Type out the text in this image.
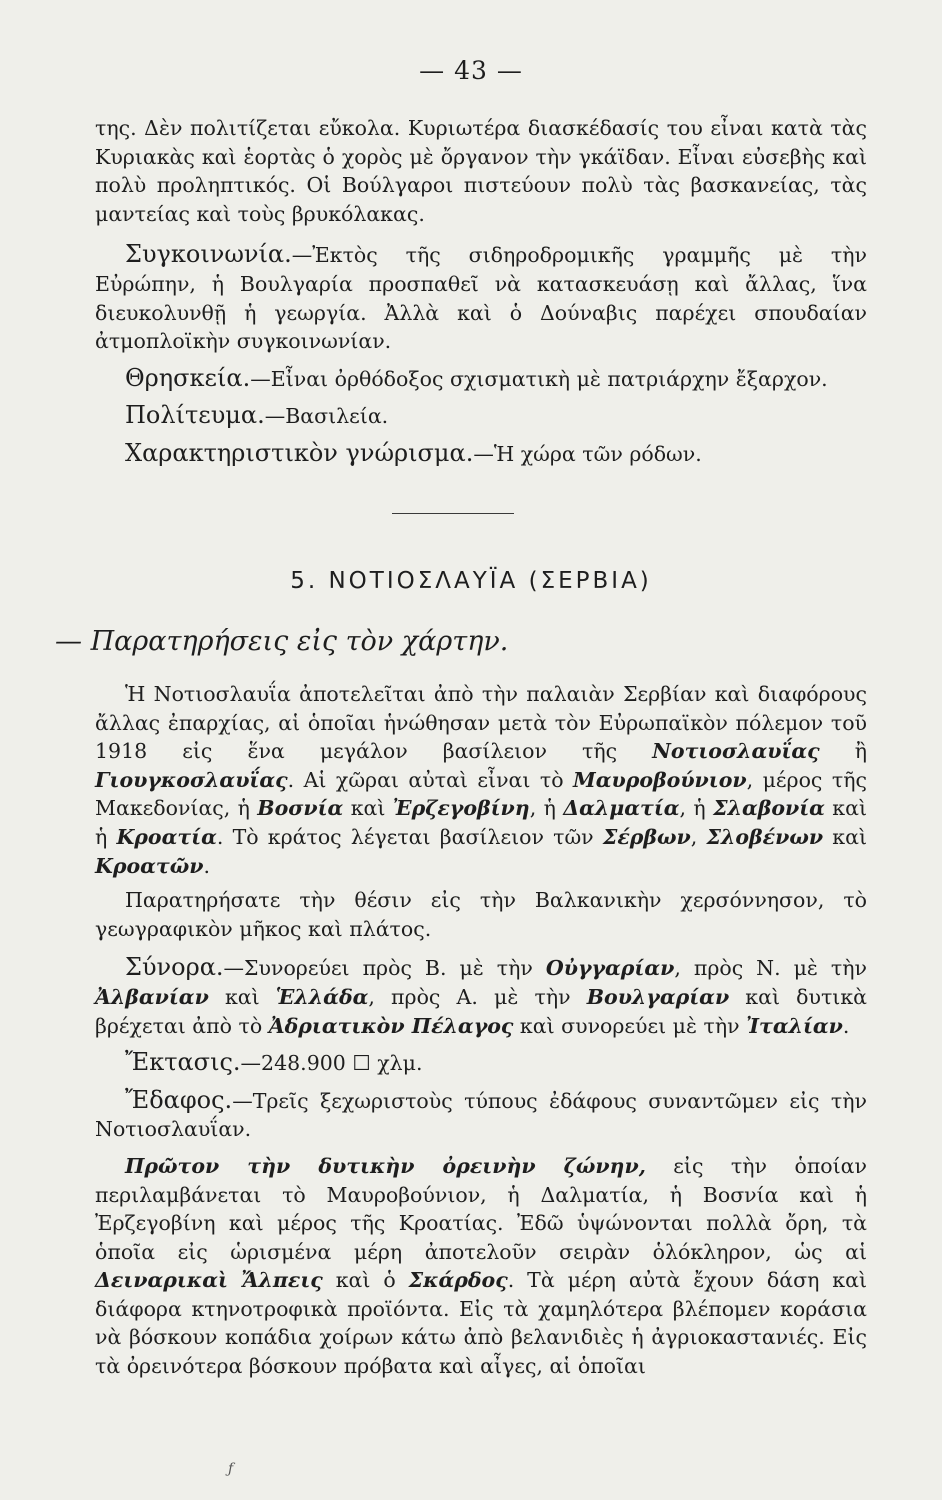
— 43 —

της. Δὲν πολιτίζεται εὔκολα. Κυριωτέρα διασκέδασίς του εἶναι κατὰ τὰς Κυριακὰς καὶ ἑορτὰς ὁ χορὸς μὲ ὄργανον τὴν γκάϊδαν. Εἶναι εὐσεβὴς καὶ πολὺ προληπτικός. Οἱ Βούλγαροι πιστεύουν πολὺ τὰς βασκανείας, τὰς μαντείας καὶ τοὺς βρυκόλακας.

Συγκοινωνία.—Ἐκτὸς τῆς σιδηροδρομικῆς γραμμῆς μὲ τὴν Εὐρώπην, ἡ Βουλγαρία προσπαθεῖ νὰ κατασκευάσῃ καὶ ἄλλας, ἵνα διευκολυνθῇ ἡ γεωργία. Ἀλλὰ καὶ ὁ Δούναβις παρέχει σπουδαίαν ἀτμοπλοϊκὴν συγκοινωνίαν.

Θρησκεία.—Εἶναι ὀρθόδοξος σχισματικὴ μὲ πατριάρχην ἔξαρχον.

Πολίτευμα.—Βασιλεία.

Χαρακτηριστικὸν γνώρισμα.—Ἡ χώρα τῶν ρόδων.

5. ΝΟΤΙΟΣΛΑΥΪΑ (ΣΕΡΒΙΑ)
— Παρατηρήσεις εἰς τὸν χάρτην.

Ἡ Νοτιοσλαυΐα ἀποτελεῖται ἀπὸ τὴν παλαιὰν Σερβίαν καὶ διαφόρους ἄλλας ἐπαρχίας, αἱ ὁποῖαι ἡνώθησαν μετὰ τὸν Εὐρωπαϊκὸν πόλεμον τοῦ 1918 εἰς ἕνα μεγάλον βασίλειον τῆς Νοτιοσλαυΐας ἢ Γιουγκοσλαυΐας. Αἱ χῶραι αὐταὶ εἶναι τὸ Μαυροβούνιον, μέρος τῆς Μακεδονίας, ἡ Βοσνία καὶ Ἐρζεγοβίνη, ἡ Δαλματία, ἡ Σλαβονία καὶ ἡ Κροατία. Τὸ κράτος λέγεται βασίλειον τῶν Σέρβων, Σλοβένων καὶ Κροατῶν.

Παρατηρήσατε τὴν θέσιν εἰς τὴν Βαλκανικὴν χερσόννησον, τὸ γεωγραφικὸν μῆκος καὶ πλάτος.

Σύνορα.—Συνορεύει πρὸς Β. μὲ τὴν Οὐγγαρίαν, πρὸς Ν. μὲ τὴν Ἀλβανίαν καὶ Ἑλλάδα, πρὸς Α. μὲ τὴν Βουλγαρίαν καὶ δυτικὰ βρέχεται ἀπὸ τὸ Ἀδριατικὸν Πέλαγος καὶ συνορεύει μὲ τὴν Ἰταλίαν.

Ἔκτασις.—248.900 ☐ χλμ.

Ἔδαφος.—Τρεῖς ξεχωριστοὺς τύπους ἐδάφους συναντῶμεν εἰς τὴν Νοτιοσλαυΐαν.

Πρῶτον τὴν δυτικὴν ὀρεινὴν ζώνην, εἰς τὴν ὁποίαν περιλαμβάνεται τὸ Μαυροβούνιον, ἡ Δαλματία, ἡ Βοσνία καὶ ἡ Ἐρζεγοβίνη καὶ μέρος τῆς Κροατίας. Ἐδῶ ὑψώνονται πολλὰ ὄρη, τὰ ὁποῖα εἰς ὡρισμένα μέρη ἀποτελοῦν σειρὰν ὁλόκληρον, ὡς αἱ Δειναρικαὶ Ἄλπεις καὶ ὁ Σκάρδος. Τὰ μέρη αὐτὰ ἔχουν δάση καὶ διάφορα κτηνοτροφικὰ προϊόντα. Εἰς τὰ χαμηλότερα βλέπομεν κοράσια νὰ βόσκουν κοπάδια χοίρων κάτω ἀπὸ βελανιδιὲς ἡ ἀγριοκαστανιές. Εἰς τὰ ὀρεινότερα βόσκουν πρόβατα καὶ αἶγες, αἱ ὁποῖαι

ƒ
